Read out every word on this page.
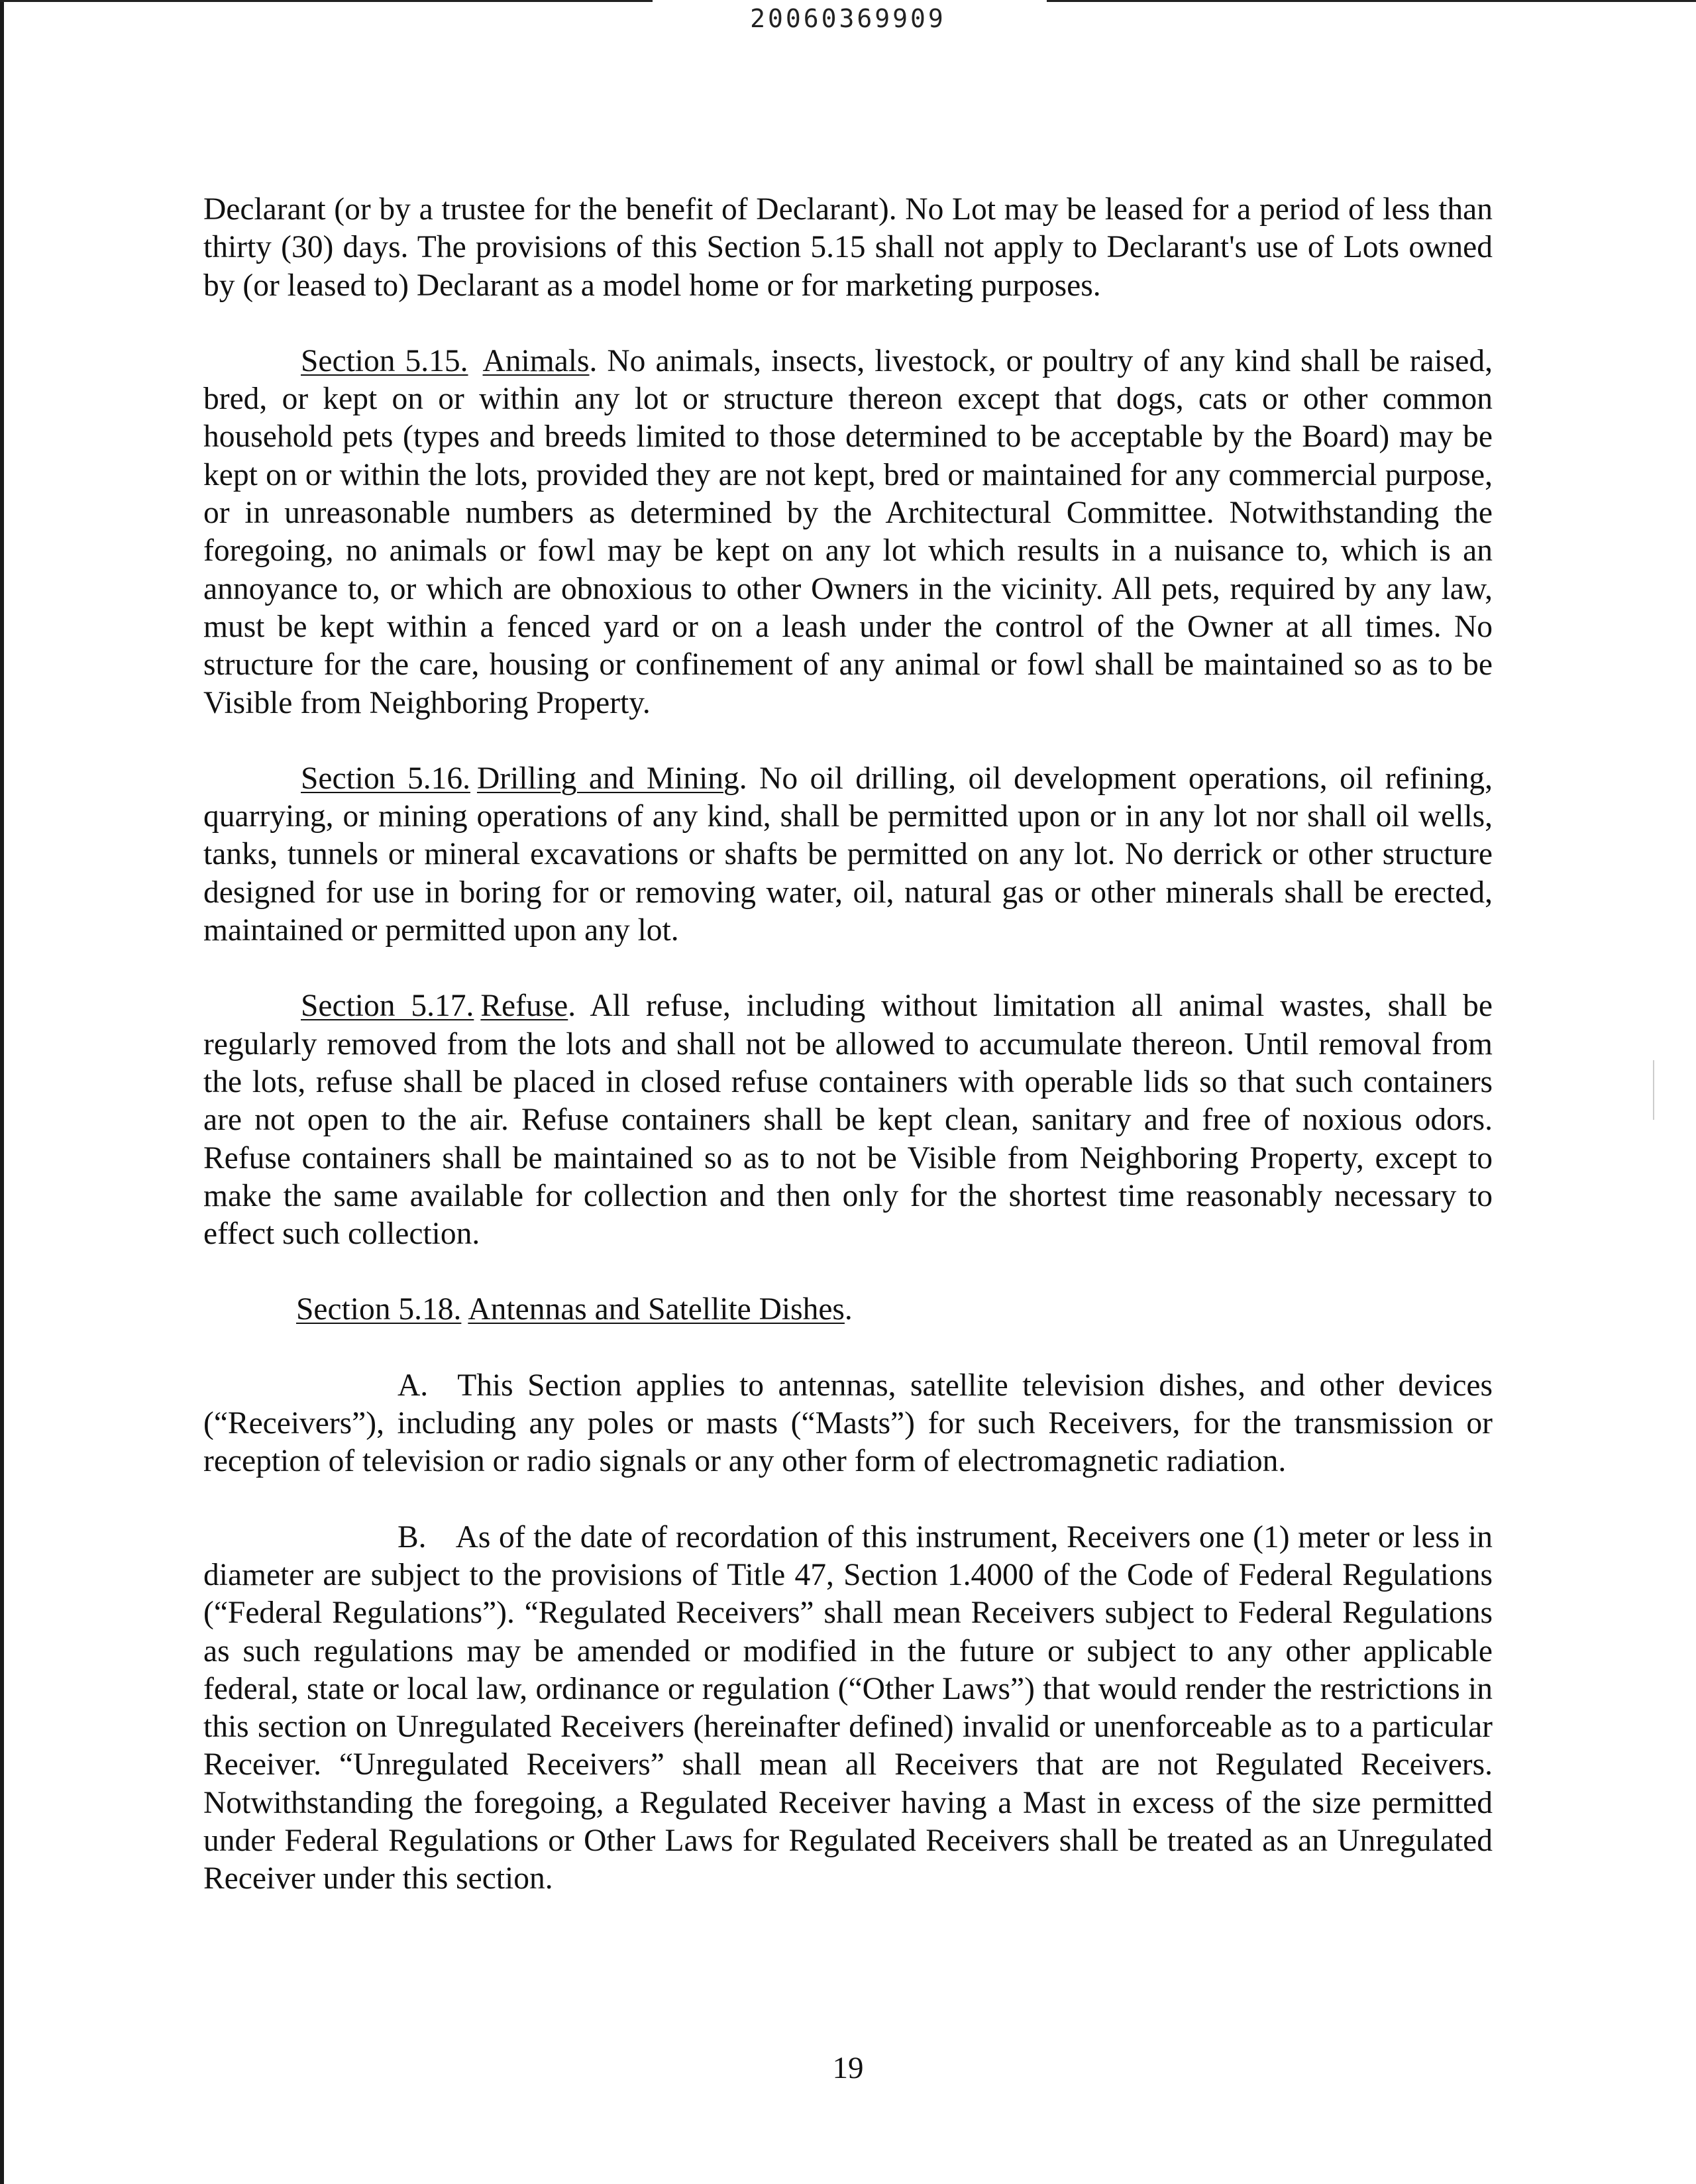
20060369909

Declarant (or by a trustee for the benefit of Declarant). No Lot may be leased for a period of less than thirty (30) days. The provisions of this Section 5.15 shall not apply to Declarant's use of Lots owned by (or leased to) Declarant as a model home or for marketing purposes.

Section 5.15. Animals. No animals, insects, livestock, or poultry of any kind shall be raised, bred, or kept on or within any lot or structure thereon except that dogs, cats or other common household pets (types and breeds limited to those determined to be acceptable by the Board) may be kept on or within the lots, provided they are not kept, bred or maintained for any commercial purpose, or in unreasonable numbers as determined by the Architectural Committee. Notwithstanding the foregoing, no animals or fowl may be kept on any lot which results in a nuisance to, which is an annoyance to, or which are obnoxious to other Owners in the vicinity. All pets, required by any law, must be kept within a fenced yard or on a leash under the control of the Owner at all times. No structure for the care, housing or confinement of any animal or fowl shall be maintained so as to be Visible from Neighboring Property.

Section 5.16. Drilling and Mining. No oil drilling, oil development operations, oil refining, quarrying, or mining operations of any kind, shall be permitted upon or in any lot nor shall oil wells, tanks, tunnels or mineral excavations or shafts be permitted on any lot. No derrick or other structure designed for use in boring for or removing water, oil, natural gas or other minerals shall be erected, maintained or permitted upon any lot.

Section 5.17. Refuse. All refuse, including without limitation all animal wastes, shall be regularly removed from the lots and shall not be allowed to accumulate thereon. Until removal from the lots, refuse shall be placed in closed refuse containers with operable lids so that such containers are not open to the air. Refuse containers shall be kept clean, sanitary and free of noxious odors. Refuse containers shall be maintained so as to not be Visible from Neighboring Property, except to make the same available for collection and then only for the shortest time reasonably necessary to effect such collection.

Section 5.18. Antennas and Satellite Dishes.

A. This Section applies to antennas, satellite television dishes, and other devices (“Receivers”), including any poles or masts (“Masts”) for such Receivers, for the transmission or reception of television or radio signals or any other form of electromagnetic radiation.

B. As of the date of recordation of this instrument, Receivers one (1) meter or less in diameter are subject to the provisions of Title 47, Section 1.4000 of the Code of Federal Regulations (“Federal Regulations”). “Regulated Receivers” shall mean Receivers subject to Federal Regulations as such regulations may be amended or modified in the future or subject to any other applicable federal, state or local law, ordinance or regulation (“Other Laws”) that would render the restrictions in this section on Unregulated Receivers (hereinafter defined) invalid or unenforceable as to a particular Receiver. “Unregulated Receivers” shall mean all Receivers that are not Regulated Receivers. Notwithstanding the foregoing, a Regulated Receiver having a Mast in excess of the size permitted under Federal Regulations or Other Laws for Regulated Receivers shall be treated as an Unregulated Receiver under this section.

19
